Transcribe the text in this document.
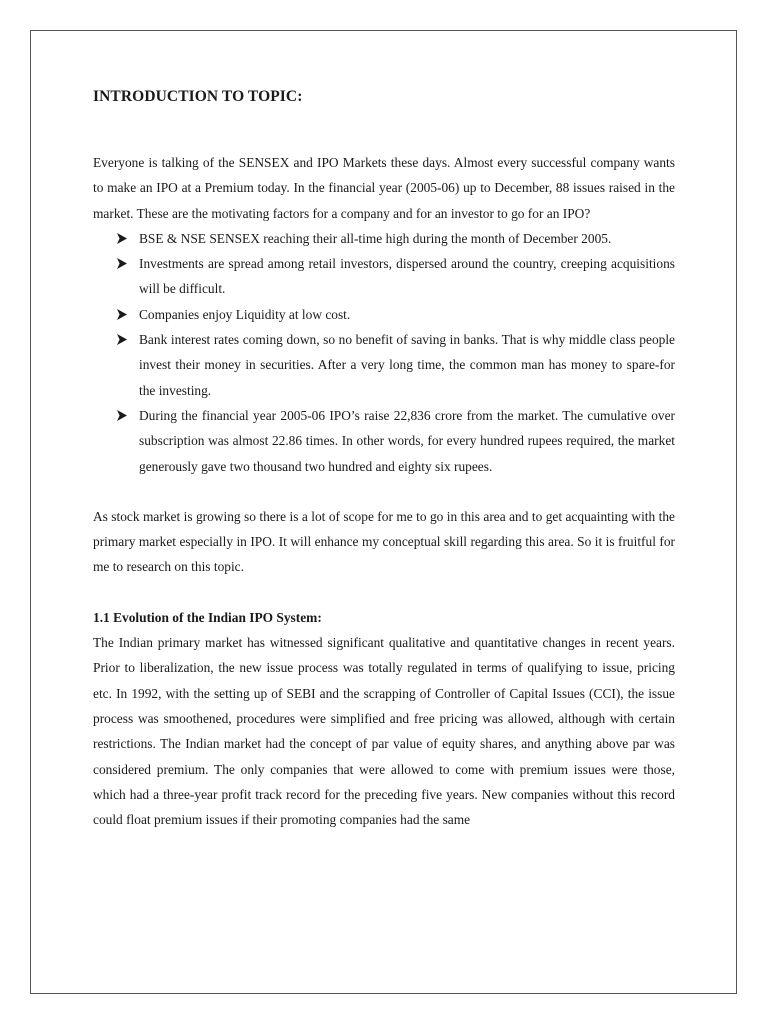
INTRODUCTION TO TOPIC:

Everyone is talking of the SENSEX and IPO Markets these days. Almost every successful company wants to make an IPO at a Premium today. In the financial year (2005-06) up to December, 88 issues raised in the market. These are the motivating factors for a company and for an investor to go for an IPO?

BSE & NSE SENSEX reaching their all-time high during the month of December 2005.
Investments are spread among retail investors, dispersed around the country, creeping acquisitions will be difficult.
Companies enjoy Liquidity at low cost.
Bank interest rates coming down, so no benefit of saving in banks. That is why middle class people invest their money in securities. After a very long time, the common man has money to spare-for the investing.
During the financial year 2005-06 IPO’s raise 22,836 crore from the market. The cumulative over subscription was almost 22.86 times. In other words, for every hundred rupees required, the market generously gave two thousand two hundred and eighty six rupees.

As stock market is growing so there is a lot of scope for me to go in this area and to get acquainting with the primary market especially in IPO. It will enhance my conceptual skill regarding this area. So it is fruitful for me to research on this topic.

1.1 Evolution of the Indian IPO System:

The Indian primary market has witnessed significant qualitative and quantitative changes in recent years. Prior to liberalization, the new issue process was totally regulated in terms of qualifying to issue, pricing etc. In 1992, with the setting up of SEBI and the scrapping of Controller of Capital Issues (CCI), the issue process was smoothened, procedures were simplified and free pricing was allowed, although with certain restrictions. The Indian market had the concept of par value of equity shares, and anything above par was considered premium. The only companies that were allowed to come with premium issues were those, which had a three-year profit track record for the preceding five years. New companies without this record could float premium issues if their promoting companies had the same
